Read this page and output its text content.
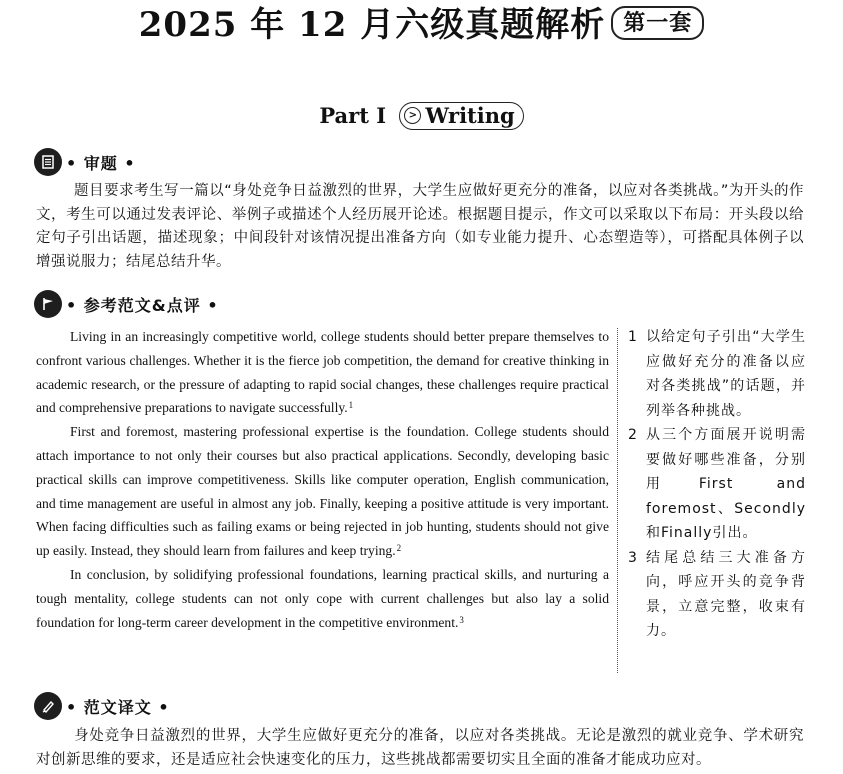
2025 年 12 月六级真题解析 第一套
Part I > Writing
• 审题 •
题目要求考生写一篇以“身处竞争日益激烈的世界，大学生应做好更充分的准备，以应对各类挑战。”为开头的作文，考生可以通过发表评论、举例子或描述个人经历展开论述。根据题目提示，作文可以采取以下布局：开头段以给定句子引出话题，描述现象；中间段针对该情况提出准备方向（如专业能力提升、心态塑造等），可搭配具体例子以增强说服力；结尾总结升华。
• 参考范文&点评 •

Living in an increasingly competitive world, college students should better prepare themselves to confront various challenges. Whether it is the fierce job competition, the demand for creative thinking in academic research, or the pressure of adapting to rapid social changes, these challenges require practical and comprehensive preparations to navigate successfully.$^1$

First and foremost, mastering professional expertise is the foundation. College students should attach importance to not only their courses but also practical applications. Secondly, developing basic practical skills can improve competitiveness. Skills like computer operation, English communication, and time management are useful in almost any job. Finally, keeping a positive attitude is very important. When facing difficulties such as failing exams or being rejected in job hunting, students should not give up easily. Instead, they should learn from failures and keep trying.$^2$

In conclusion, by solidifying professional foundations, learning practical skills, and nurturing a tough mentality, college students can not only cope with current challenges but also lay a solid foundation for long-term career development in the competitive environment.$^3$

1 以给定句子引出“大学生应做好充分的准备以应对各类挑战”的话题，并列举各种挑战。
2 从三个方面展开说明需要做好哪些准备，分别用First and foremost、Secondly和Finally引出。
3 结尾总结三大准备方向，呼应开头的竞争背景，立意完整，收束有力。
• 范文译文 •
身处竞争日益激烈的世界，大学生应做好更充分的准备，以应对各类挑战。无论是激烈的就业竞争、学术研究对创新思维的要求，还是适应社会快速变化的压力，这些挑战都需要切实且全面的准备才能成功应对。
